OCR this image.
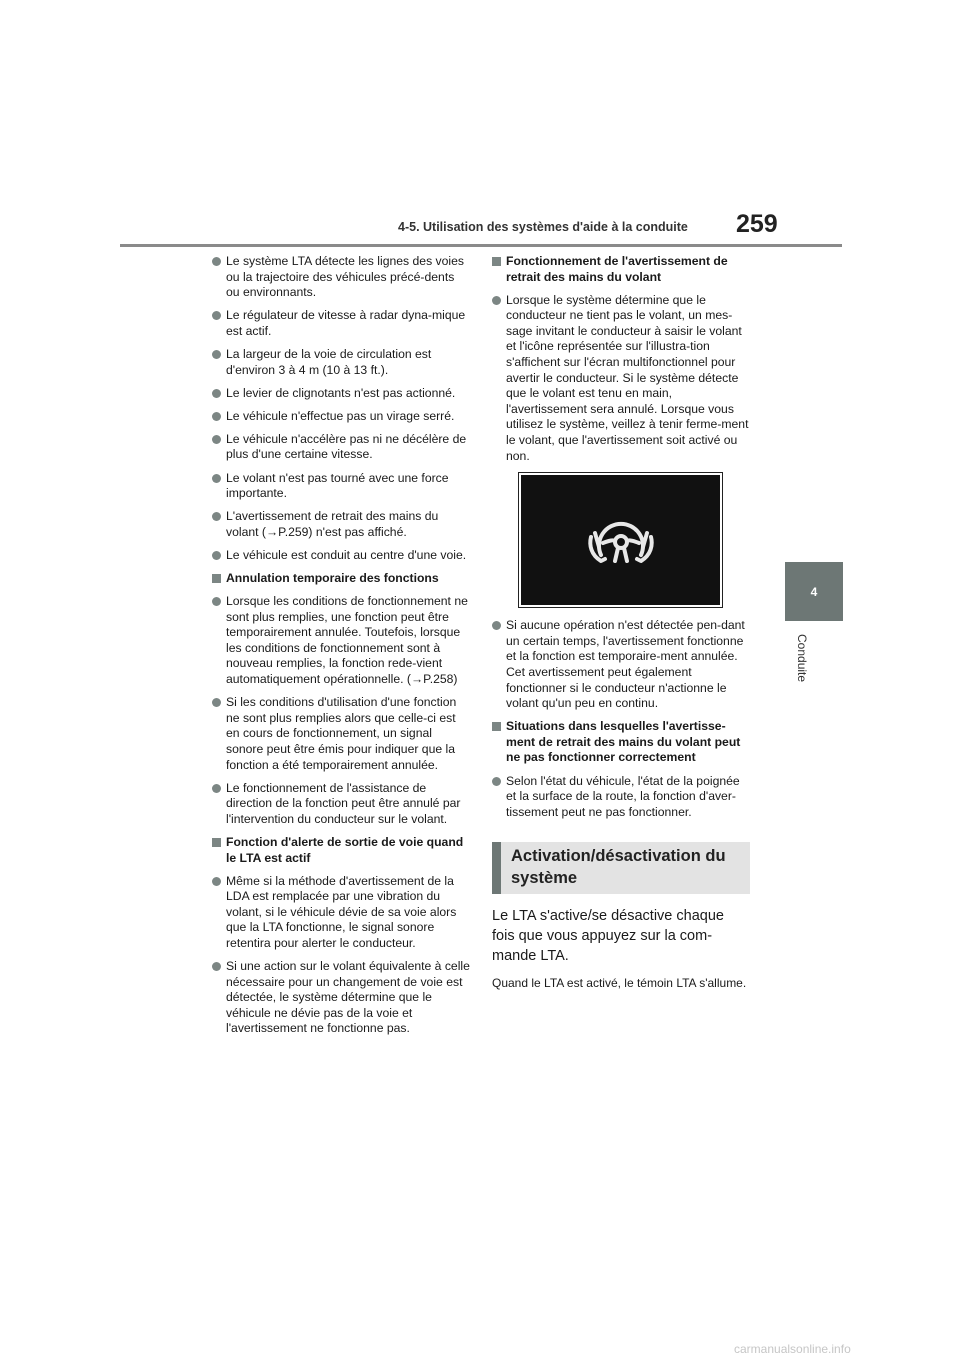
4-5. Utilisation des systèmes d'aide à la conduite	259
4
Conduite
Le système LTA détecte les lignes des voies ou la trajectoire des véhicules précé-dents ou environnants.
Le régulateur de vitesse à radar dyna-mique est actif.
La largeur de la voie de circulation est d'environ 3 à 4 m (10 à 13 ft.).
Le levier de clignotants n'est pas actionné.
Le véhicule n'effectue pas un virage serré.
Le véhicule n'accélère pas ni ne décélère de plus d'une certaine vitesse.
Le volant n'est pas tourné avec une force importante.
L'avertissement de retrait des mains du volant (→P.259) n'est pas affiché.
Le véhicule est conduit au centre d'une voie.
Annulation temporaire des fonctions
Lorsque les conditions de fonctionnement ne sont plus remplies, une fonction peut être temporairement annulée. Toutefois, lorsque les conditions de fonctionnement sont à nouveau remplies, la fonction rede-vient automatiquement opérationnelle. (→P.258)
Si les conditions d'utilisation d'une fonction ne sont plus remplies alors que celle-ci est en cours de fonctionnement, un signal sonore peut être émis pour indiquer que la fonction a été temporairement annulée.
Le fonctionnement de l'assistance de direction de la fonction peut être annulé par l'intervention du conducteur sur le volant.
Fonction d'alerte de sortie de voie quand le LTA est actif
Même si la méthode d'avertissement de la LDA est remplacée par une vibration du volant, si le véhicule dévie de sa voie alors que la LTA fonctionne, le signal sonore retentira pour alerter le conducteur.
Si une action sur le volant équivalente à celle nécessaire pour un changement de voie est détectée, le système détermine que le véhicule ne dévie pas de la voie et l'avertissement ne fonctionne pas.
Fonctionnement de l'avertissement de retrait des mains du volant
Lorsque le système détermine que le conducteur ne tient pas le volant, un mes-sage invitant le conducteur à saisir le volant et l'icône représentée sur l'illustra-tion s'affichent sur l'écran multifonctionnel pour avertir le conducteur. Si le système détecte que le volant est tenu en main, l'avertissement sera annulé. Lorsque vous utilisez le système, veillez à tenir ferme-ment le volant, que l'avertissement soit activé ou non.
Si aucune opération n'est détectée pen-dant un certain temps, l'avertissement fonctionne et la fonction est temporaire-ment annulée. Cet avertissement peut également fonctionner si le conducteur n'actionne le volant qu'un peu en continu.
Situations dans lesquelles l'avertisse-ment de retrait des mains du volant peut ne pas fonctionner correctement
Selon l'état du véhicule, l'état de la poignée et la surface de la route, la fonction d'aver-tissement peut ne pas fonctionner.
Activation/désactivation du système
Le LTA s'active/se désactive chaque fois que vous appuyez sur la com-mande LTA.
Quand le LTA est activé, le témoin LTA s'allume.
carmanualsonline.info
